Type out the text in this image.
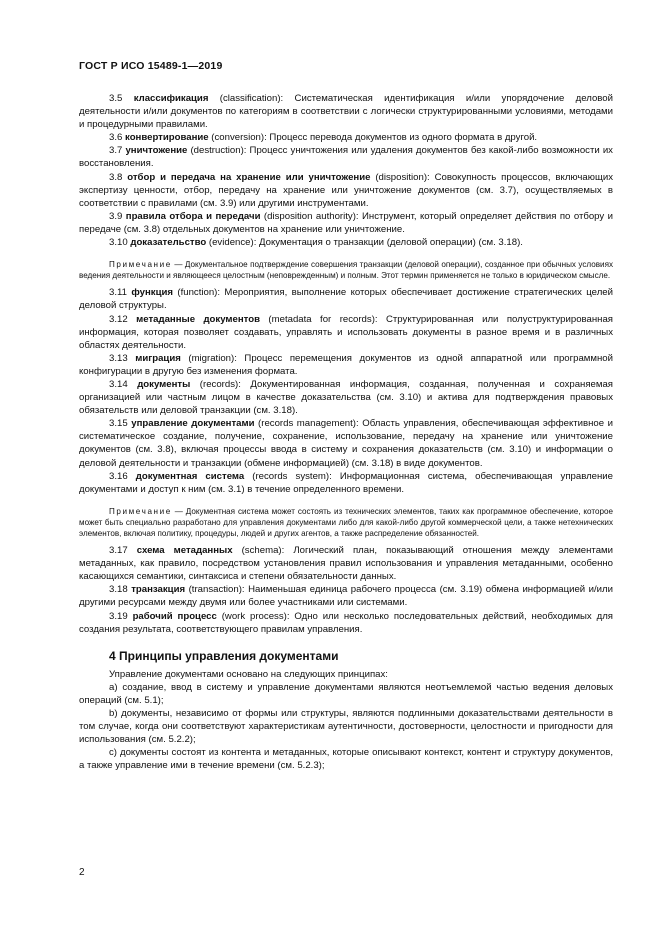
ГОСТ Р ИСО 15489-1—2019

3.5 классификация (classification): Систематическая идентификация и/или упорядочение деловой деятельности и/или документов по категориям в соответствии с логически структурированными условиями, методами и процедурными правилами.

3.6 конвертирование (conversion): Процесс перевода документов из одного формата в другой.

3.7 уничтожение (destruction): Процесс уничтожения или удаления документов без какой-либо возможности их восстановления.

3.8 отбор и передача на хранение или уничтожение (disposition): Совокупность процессов, включающих экспертизу ценности, отбор, передачу на хранение или уничтожение документов (см. 3.7), осуществляемых в соответствии с правилами (см. 3.9) или другими инструментами.

3.9 правила отбора и передачи (disposition authority): Инструмент, который определяет действия по отбору и передаче (см. 3.8) отдельных документов на хранение или уничтожение.

3.10 доказательство (evidence): Документация о транзакции (деловой операции) (см. 3.18).

Примечание — Документальное подтверждение совершения транзакции (деловой операции), созданное при обычных условиях ведения деятельности и являющееся целостным (неповрежденным) и полным. Этот термин применяется не только в юридическом смысле.

3.11 функция (function): Мероприятия, выполнение которых обеспечивает достижение стратегических целей деловой структуры.

3.12 метаданные документов (metadata for records): Структурированная или полуструктурированная информация, которая позволяет создавать, управлять и использовать документы в разное время и в различных областях деятельности.

3.13 миграция (migration): Процесс перемещения документов из одной аппаратной или программной конфигурации в другую без изменения формата.

3.14 документы (records): Документированная информация, созданная, полученная и сохраняемая организацией или частным лицом в качестве доказательства (см. 3.10) и актива для подтверждения правовых обязательств или деловой транзакции (см. 3.18).

3.15 управление документами (records management): Область управления, обеспечивающая эффективное и систематическое создание, получение, сохранение, использование, передачу на хранение или уничтожение документов (см. 3.8), включая процессы ввода в систему и сохранения доказательств (см. 3.10) и информации о деловой деятельности и транзакции (обмене информацией) (см. 3.18) в виде документов.

3.16 документная система (records system): Информационная система, обеспечивающая управление документами и доступ к ним (см. 3.1) в течение определенного времени.

Примечание — Документная система может состоять из технических элементов, таких как программное обеспечение, которое может быть специально разработано для управления документами либо для какой-либо другой коммерческой цели, а также нетехнических элементов, включая политику, процедуры, людей и других агентов, а также распределение обязанностей.

3.17 схема метаданных (schema): Логический план, показывающий отношения между элементами метаданных, как правило, посредством установления правил использования и управления метаданными, особенно касающихся семантики, синтаксиса и степени обязательности данных.

3.18 транзакция (transaction): Наименьшая единица рабочего процесса (см. 3.19) обмена информацией и/или другими ресурсами между двумя или более участниками или системами.

3.19 рабочий процесс (work process): Одно или несколько последовательных действий, необходимых для создания результата, соответствующего правилам управления.

4 Принципы управления документами

Управление документами основано на следующих принципах:

а) создание, ввод в систему и управление документами являются неотъемлемой частью ведения деловых операций (см. 5.1);

b) документы, независимо от формы или структуры, являются подлинными доказательствами деятельности в том случае, когда они соответствуют характеристикам аутентичности, достоверности, целостности и пригодности для использования (см. 5.2.2);

с) документы состоят из контента и метаданных, которые описывают контекст, контент и структуру документов, а также управление ими в течение времени (см. 5.2.3);

2
